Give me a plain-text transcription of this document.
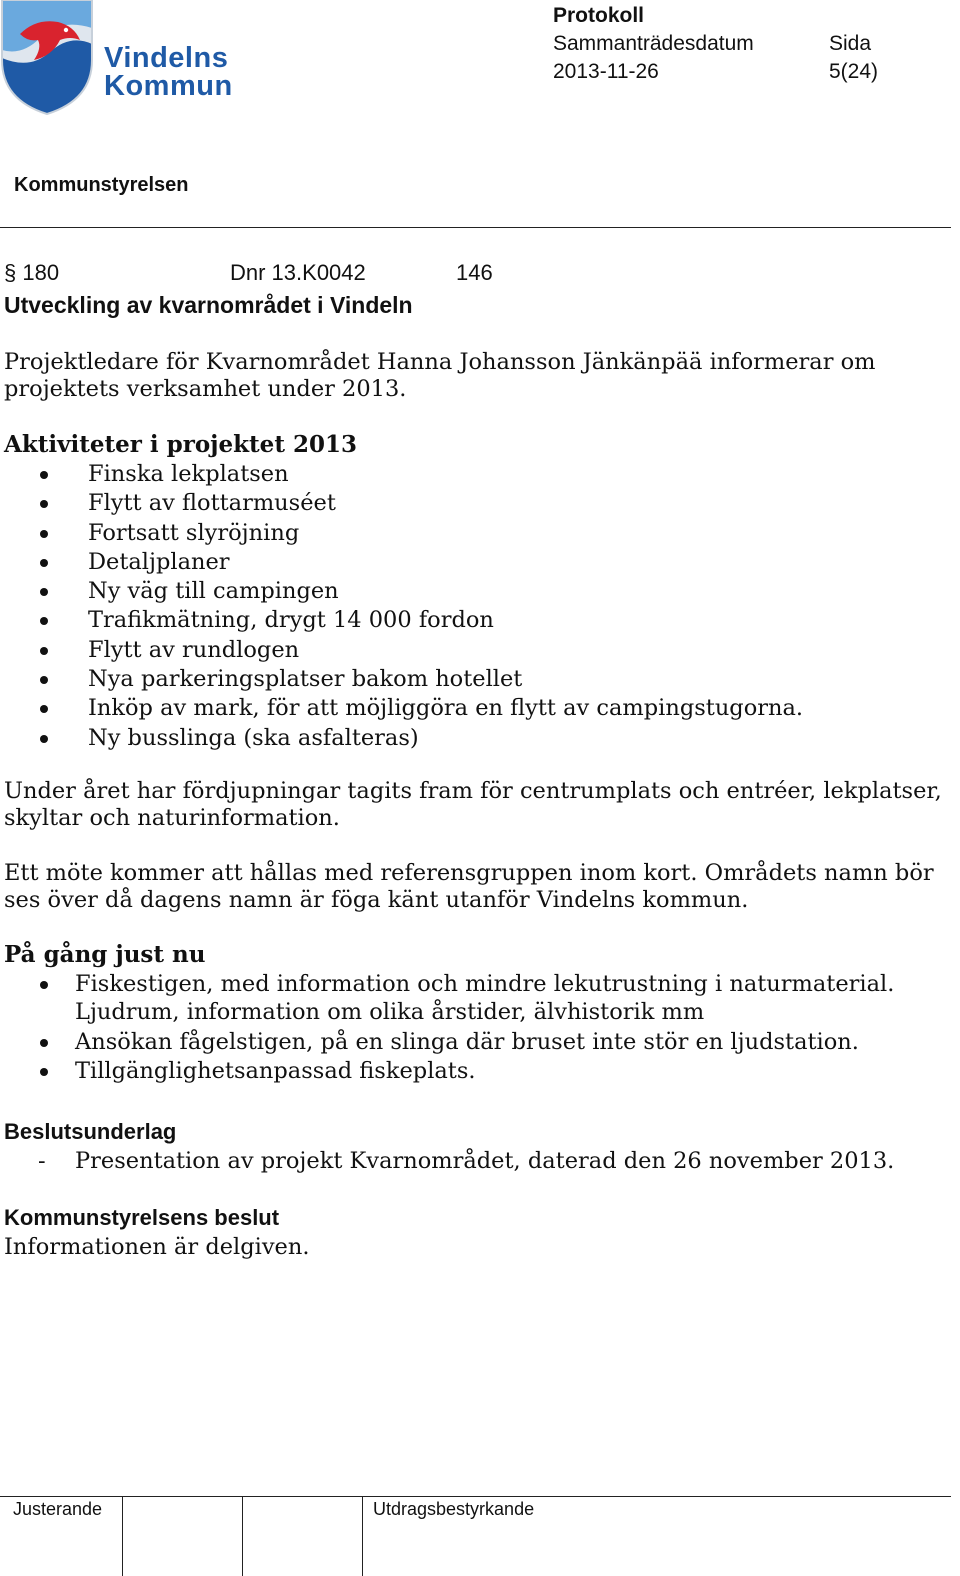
Vindelns
Kommun
Protokoll
Sammanträdesdatum
2013-11-26
Sida
5(24)
Kommunstyrelsen
§ 180	Dnr 13.K0042	146
Utveckling av kvarnområdet i Vindeln
Projektledare för Kvarnområdet Hanna Johansson Jänkänpää informerar om projektets verksamhet under 2013.
Aktiviteter i projektet 2013
Finska lekplatsen
Flytt av flottarmuséet
Fortsatt slyröjning
Detaljplaner
Ny väg till campingen
Trafikmätning, drygt 14 000 fordon
Flytt av rundlogen
Nya parkeringsplatser bakom hotellet
Inköp av mark, för att möjliggöra en flytt av campingstugorna.
Ny busslinga (ska asfalteras)
Under året har fördjupningar tagits fram för centrumplats och entréer, lekplatser, skyltar och naturinformation.
Ett möte kommer att hållas med referensgruppen inom kort. Områdets namn bör ses över då dagens namn är föga känt utanför Vindelns kommun.
På gång just nu
Fiskestigen, med information och mindre lekutrustning i naturmaterial. Ljudrum, information om olika årstider, älvhistorik mm
Ansökan fågelstigen, på en slinga där bruset inte stör en ljudstation.
Tillgänglighetsanpassad fiskeplats.
Beslutsunderlag
- Presentation av projekt Kvarnområdet, daterad den 26 november 2013.
Kommunstyrelsens beslut
Informationen är delgiven.
Justerande	Utdragsbestyrkande
